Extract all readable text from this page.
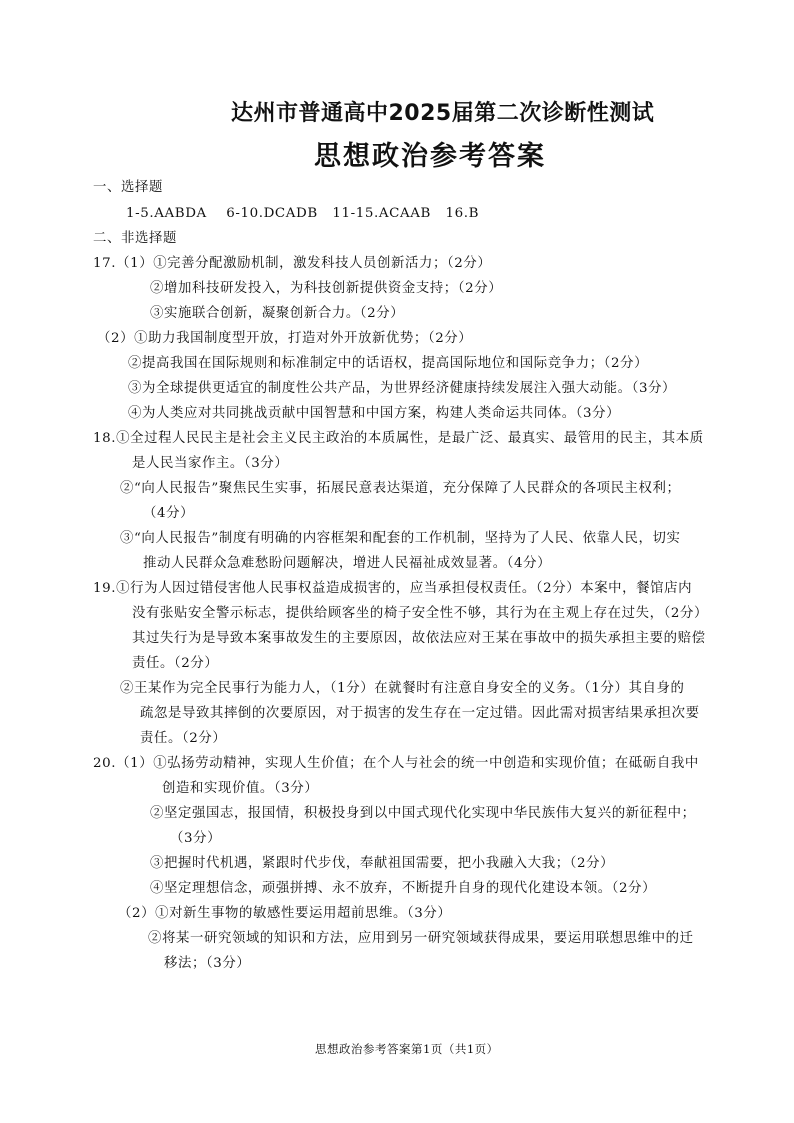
达州市普通高中2025届第二次诊断性测试
思想政治参考答案
一、选择题
1-5.AABDA    6-10.DCADB   11-15.ACAAB   16.B
二、非选择题
17.（1）①完善分配激励机制，激发科技人员创新活力；（2分）
②增加科技研发投入，为科技创新提供资金支持；（2分）
③实施联合创新，凝聚创新合力。（2分）
（2）①助力我国制度型开放，打造对外开放新优势；（2分）
②提高我国在国际规则和标准制定中的话语权，提高国际地位和国际竞争力；（2分）
③为全球提供更适宜的制度性公共产品，为世界经济健康持续发展注入强大动能。（3分）
④为人类应对共同挑战贡献中国智慧和中国方案，构建人类命运共同体。（3分）
18.①全过程人民民主是社会主义民主政治的本质属性，是最广泛、最真实、最管用的民主，其本质
是人民当家作主。（3分）
②“向人民报告”聚焦民生实事，拓展民意表达渠道，充分保障了人民群众的各项民主权利；
（4分）
③“向人民报告”制度有明确的内容框架和配套的工作机制，坚持为了人民、依靠人民，切实
推动人民群众急难愁盼问题解决，增进人民福祉成效显著。（4分）
19.①行为人因过错侵害他人民事权益造成损害的，应当承担侵权责任。（2分）本案中，餐馆店内
没有张贴安全警示标志，提供给顾客坐的椅子安全性不够，其行为在主观上存在过失，（2分）
其过失行为是导致本案事故发生的主要原因，故依法应对王某在事故中的损失承担主要的赔偿
责任。（2分）
②王某作为完全民事行为能力人，（1分）在就餐时有注意自身安全的义务。（1分）其自身的
疏忽是导致其摔倒的次要原因，对于损害的发生存在一定过错。因此需对损害结果承担次要
责任。（2分）
20.（1）①弘扬劳动精神，实现人生价值；在个人与社会的统一中创造和实现价值；在砥砺自我中
创造和实现价值。（3分）
②坚定强国志，报国情，积极投身到以中国式现代化实现中华民族伟大复兴的新征程中；
（3分）
③把握时代机遇，紧跟时代步伐，奉献祖国需要，把小我融入大我；（2分）
④坚定理想信念，顽强拼搏、永不放弃，不断提升自身的现代化建设本领。（2分）
（2）①对新生事物的敏感性要运用超前思维。（3分）
②将某一研究领域的知识和方法，应用到另一研究领域获得成果，要运用联想思维中的迁
移法；（3分）
思想政治参考答案第1页（共1页）
